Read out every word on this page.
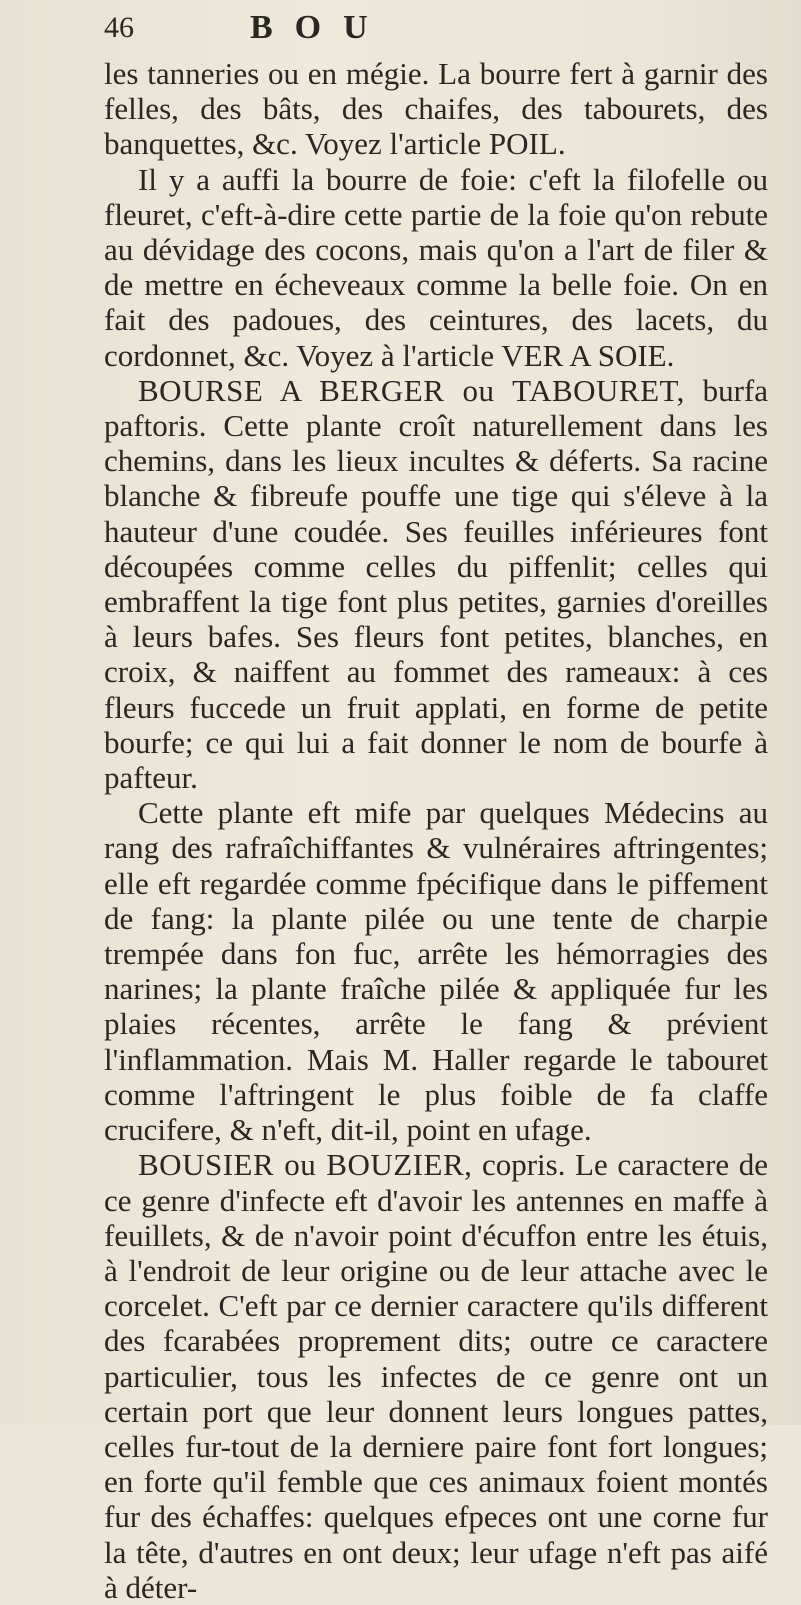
46	BOU

les tanneries ou en mégie. La bourre fert à garnir des felles, des bâts, des chaifes, des tabourets, des banquettes, &c. Voyez l'article POIL.

Il y a auffi la bourre de foie: c'eft la filofelle ou fleuret, c'eft-à-dire cette partie de la foie qu'on rebute au dévidage des cocons, mais qu'on a l'art de filer & de mettre en écheveaux comme la belle foie. On en fait des padoues, des ceintures, des lacets, du cordonnet, &c. Voyez à l'article VER A SOIE.

BOURSE A BERGER ou TABOURET, burfa paftoris. Cette plante croît naturellement dans les chemins, dans les lieux incultes & déferts. Sa racine blanche & fibreufe pouffe une tige qui s'éleve à la hauteur d'une coudée. Ses feuilles inférieures font découpées comme celles du piffenlit; celles qui embraffent la tige font plus petites, garnies d'oreilles à leurs bafes. Ses fleurs font petites, blanches, en croix, & naiffent au fommet des rameaux: à ces fleurs fuccede un fruit applati, en forme de petite bourfe; ce qui lui a fait donner le nom de bourfe à pafteur.

Cette plante eft mife par quelques Médecins au rang des rafraîchiffantes & vulnéraires aftringentes; elle eft regardée comme fpécifique dans le piffement de fang: la plante pilée ou une tente de charpie trempée dans fon fuc, arrête les hémorragies des narines; la plante fraîche pilée & appliquée fur les plaies récentes, arrête le fang & prévient l'inflammation. Mais M. Haller regarde le tabouret comme l'aftringent le plus foible de fa claffe crucifere, & n'eft, dit-il, point en ufage.

BOUSIER ou BOUZIER, copris. Le caractere de ce genre d'infecte eft d'avoir les antennes en maffe à feuillets, & de n'avoir point d'écuffon entre les étuis, à l'endroit de leur origine ou de leur attache avec le corcelet. C'eft par ce dernier caractere qu'ils different des fcarabées proprement dits; outre ce caractere particulier, tous les infectes de ce genre ont un certain port que leur donnent leurs longues pattes, celles fur-tout de la derniere paire font fort longues; en forte qu'il femble que ces animaux foient montés fur des échaffes: quelques efpeces ont une corne fur la tête, d'autres en ont deux; leur ufage n'eft pas aifé à déter-
